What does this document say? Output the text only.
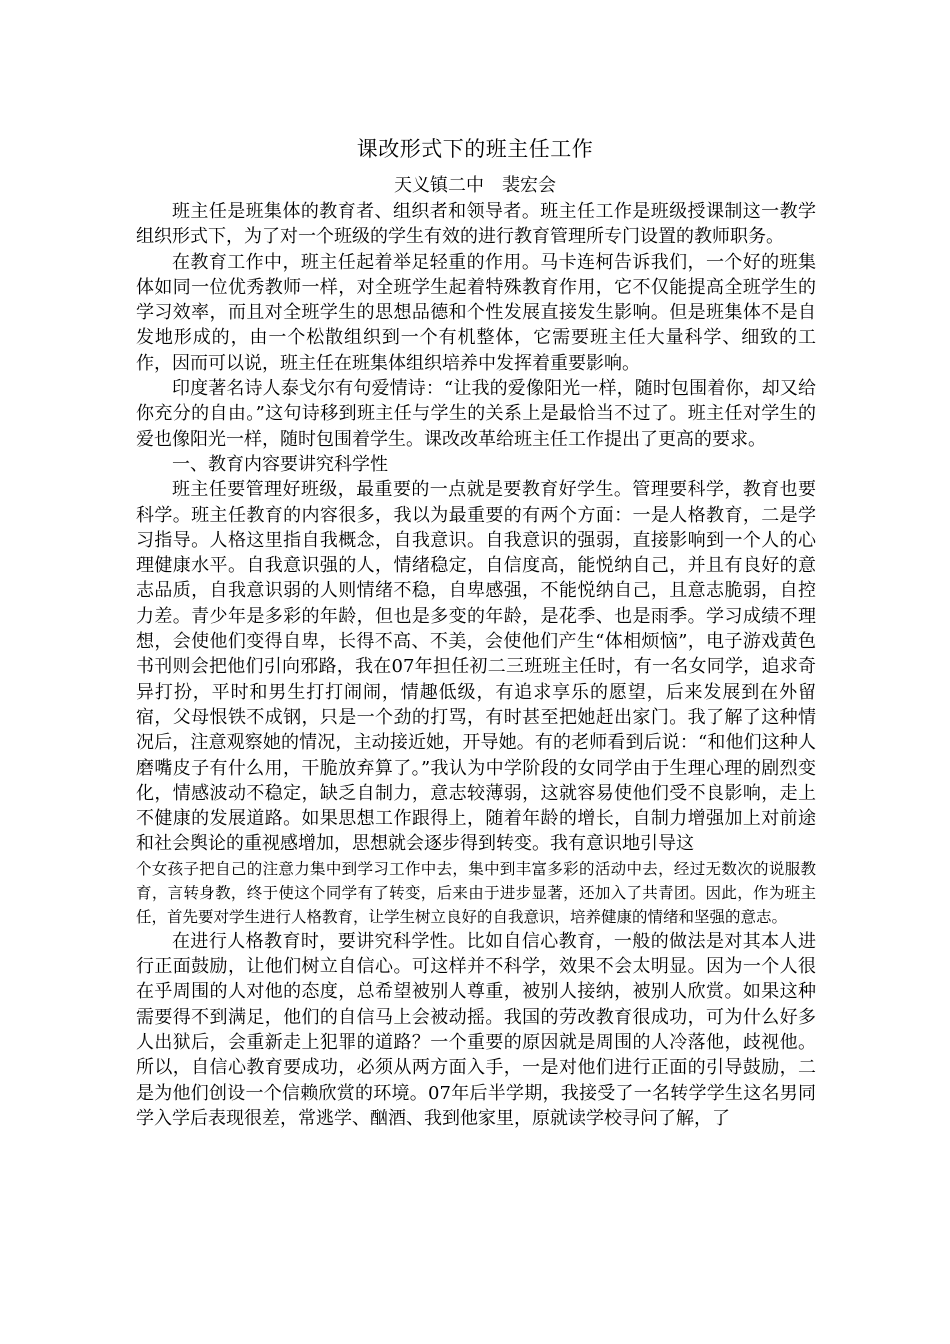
课改形式下的班主任工作
天义镇二中　裴宏会

班主任是班集体的教育者、组织者和领导者。班主任工作是班级授课制这一教学组织形式下，为了对一个班级的学生有效的进行教育管理所专门设置的教师职务。

在教育工作中，班主任起着举足轻重的作用。马卡连柯告诉我们，一个好的班集体如同一位优秀教师一样，对全班学生起着特殊教育作用，它不仅能提高全班学生的学习效率，而且对全班学生的思想品德和个性发展直接发生影响。但是班集体不是自发地形成的，由一个松散组织到一个有机整体，它需要班主任大量科学、细致的工作，因而可以说，班主任在班集体组织培养中发挥着重要影响。

印度著名诗人泰戈尔有句爱情诗：“让我的爱像阳光一样，随时包围着你，却又给你充分的自由。”这句诗移到班主任与学生的关系上是最恰当不过了。班主任对学生的爱也像阳光一样，随时包围着学生。课改改革给班主任工作提出了更高的要求。

一、教育内容要讲究科学性

班主任要管理好班级，最重要的一点就是要教育好学生。管理要科学，教育也要科学。班主任教育的内容很多，我以为最重要的有两个方面：一是人格教育，二是学习指导。人格这里指自我概念，自我意识。自我意识的强弱，直接影响到一个人的心理健康水平。自我意识强的人，情绪稳定，自信度高，能悦纳自己，并且有良好的意志品质，自我意识弱的人则情绪不稳，自卑感强，不能悦纳自己，且意志脆弱，自控力差。青少年是多彩的年龄，但也是多变的年龄，是花季、也是雨季。学习成绩不理想，会使他们变得自卑，长得不高、不美，会使他们产生“体相烦恼”，电子游戏黄色书刊则会把他们引向邪路，我在07年担任初二三班班主任时，有一名女同学，追求奇异打扮，平时和男生打打闹闹，情趣低级，有追求享乐的愿望，后来发展到在外留宿，父母恨铁不成钢，只是一个劲的打骂，有时甚至把她赶出家门。我了解了这种情况后，注意观察她的情况，主动接近她，开导她。有的老师看到后说：“和他们这种人磨嘴皮子有什么用，干脆放弃算了。”我认为中学阶段的女同学由于生理心理的剧烈变化，情感波动不稳定，缺乏自制力，意志较薄弱，这就容易使他们受不良影响，走上不健康的发展道路。如果思想工作跟得上，随着年龄的增长，自制力增强加上对前途和社会舆论的重视感增加，思想就会逐步得到转变。我有意识地引导这

个女孩子把自己的注意力集中到学习工作中去，集中到丰富多彩的活动中去，经过无数次的说服教育，言转身教，终于使这个同学有了转变，后来由于进步显著，还加入了共青团。因此，作为班主任，首先要对学生进行人格教育，让学生树立良好的自我意识，培养健康的情绪和坚强的意志。

在进行人格教育时，要讲究科学性。比如自信心教育，一般的做法是对其本人进行正面鼓励，让他们树立自信心。可这样并不科学，效果不会太明显。因为一个人很在乎周围的人对他的态度，总希望被别人尊重，被别人接纳，被别人欣赏。如果这种需要得不到满足，他们的自信马上会被动摇。我国的劳改教育很成功，可为什么好多人出狱后，会重新走上犯罪的道路？一个重要的原因就是周围的人冷落他，歧视他。所以，自信心教育要成功，必须从两方面入手，一是对他们进行正面的引导鼓励，二是为他们创设一个信赖欣赏的环境。07年后半学期，我接受了一名转学学生这名男同学入学后表现很差，常逃学、酗酒、我到他家里，原就读学校寻问了解，了
